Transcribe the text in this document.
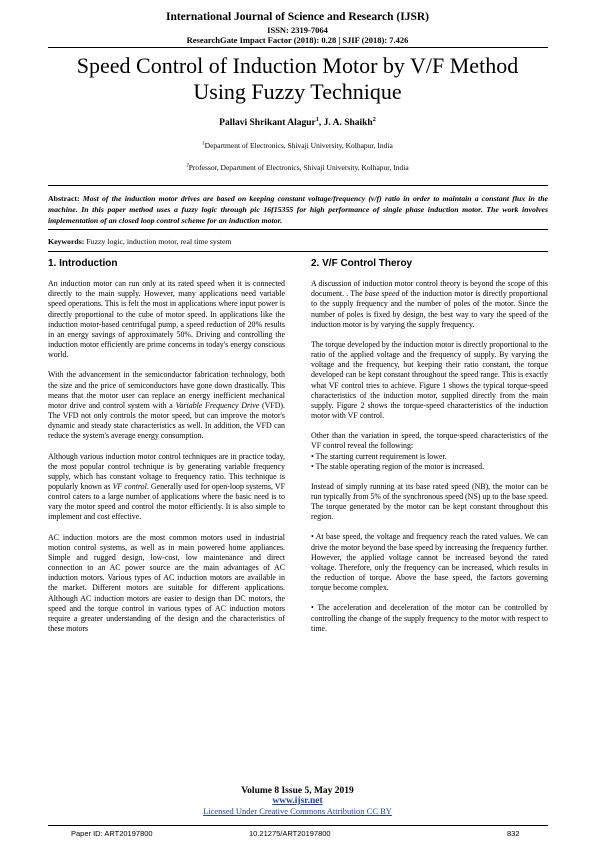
International Journal of Science and Research (IJSR)
ISSN: 2319-7064
ResearchGate Impact Factor (2018): 0.28 | SJIF (2018): 7.426
Speed Control of Induction Motor by V/F Method
Using Fuzzy Technique
Pallavi Shrikant Alagur$^1$, J. A. Shaikh$^2$
$^1$Department of Electronics, Shivaji University, Kolhapur, India
$^2$Professor, Department of Electronics, Shivaji University, Kolhapur, India
Abstract: Most of the induction motor drives are based on keeping constant voltage/frequency (v/f) ratio in order to maintain a constant flux in the machine. In this paper method uses a fuzzy logic through pic 16f15355 for high performance of single phase induction motor. The work involves implementation of an closed loop control scheme for an induction motor.
Keywords: Fuzzy logic, induction motor, real time system
1. Introduction

An induction motor can run only at its rated speed when it is connected directly to the main supply. However, many applications need variable speed operations. This is felt the most in applications where input power is directly proportional to the cube of motor speed. In applications like the induction motor-based centrifugal pump, a speed reduction of 20% results in an energy savings of approximately 50%. Driving and controlling the induction motor efficiently are prime concerns in today's energy conscious world.

With the advancement in the semiconductor fabrication technology, both the size and the price of semiconductors have gone down drastically. This means that the motor user can replace an energy inefficient mechanical motor drive and control system with a Variable Frequency Drive (VFD). The VFD not only controls the motor speed, but can improve the motor's dynamic and steady state characteristics as well. In addition, the VFD can reduce the system's average energy consumption.

Although various induction motor control techniques are in practice today, the most popular control technique is by generating variable frequency supply, which has constant voltage to frequency ratio. This technique is popularly known as VF control. Generally used for open-loop systems, VF control caters to a large number of applications where the basic need is to vary the motor speed and control the motor efficiently. It is also simple to implement and cost effective.

AC induction motors are the most common motors used in industrial motion control systems, as well as in main powered home appliances. Simple and rugged design, low-cost, low maintenance and direct connection to an AC power source are the main advantages of AC induction motors. Various types of AC induction motors are available in the market. Different motors are suitable for different applications. Although AC induction motors are easier to design than DC motors, the speed and the torque control in various types of AC induction motors require a greater understanding of the design and the characteristics of these motors

2. V/F Control Theroy

A discussion of induction motor control theory is beyond the scope of this document. . The base speed of the induction motor is directly proportional to the supply frequency and the number of poles of the motor. Since the number of poles is fixed by design, the best way to vary the speed of the induction motor is by varying the supply frequency.

The torque developed by the induction motor is directly proportional to the ratio of the applied voltage and the frequency of supply. By varying the voltage and the frequency, but keeping their ratio constant, the torque developed can be kept constant throughout the speed range. This is exactly what VF control tries to achieve. Figure 1 shows the typical torque-speed characteristics of the induction motor, supplied directly from the main supply. Figure 2 shows the torque-speed characteristics of the induction motor with VF control.

Other than the variation in speed, the torque-speed characteristics of the VF control reveal the following:
• The starting current requirement is lower.
• The stable operating region of the motor is increased.

Instead of simply running at its base rated speed (NB), the motor can be run typically from 5% of the synchronous speed (NS) up to the base speed. The torque generated by the motor can be kept constant throughout this region.

• At base speed, the voltage and frequency reach the rated values. We can drive the motor beyond the base speed by increasing the frequency further. However, the applied voltage cannot be increased beyond the rated voltage. Therefore, only the frequency can be increased, which results in the reduction of torque. Above the base speed, the factors governing torque become complex.

• The acceleration and deceleration of the motor can be controlled by controlling the change of the supply frequency to the motor with respect to time.

Volume 8 Issue 5, May 2019
www.ijsr.net
Licensed Under Creative Commons Attribution CC BY
Paper ID: ART20197800	10.21275/ART20197800	832
